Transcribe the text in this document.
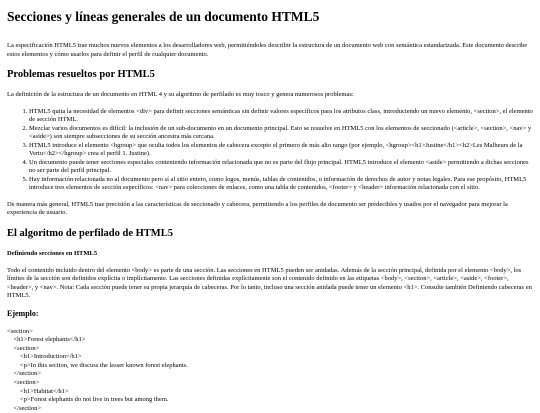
Secciones y líneas generales de un documento HTML5

La especificación HTML5 trae muchos nuevos elementos a los desarrolladores web, permitiéndoles describir la estructura de un documento web con semántica estandarizada. Este documento describe estos elementos y cómo usarlos para definir el perfil de cualquier documento.

Problemas resueltos por HTML5

La definición de la estructura de un documento en HTML 4 y su algoritmo de perfilado es muy tosco y genera numerosos problemas:

1. HTML5 quita la necesidad de elementos <div> para definir secciones semánticas sin definir valores específicos para los atributos class, introduciendo un nuevo elemento, <section>, el elemento de sección HTML.
2. Mezclar varios documentos es difícil: la inclusión de un sub-documento en un documento principal. Esto se resuelve en HTML5 con los elementos de seccionado (<article>, <section>, <nav> y <aside>) son siempre subsecciones de su sección ancestra más cercana.
3. HTML5 introduce el elemento <hgroup> que oculta todos los elementos de cabecera excepto el primero de más alto rango (por ejemplo, <hgroup><h1>Justine</h1><h2>Les Malheurs de la Vertu</h2></hgroup> crea el perfil 1. Justine).
4. Un documento puede tener secciones especiales conteniendo información relacionada que no es parte del flujo principal. HTML5 introduce el elemento <aside> permitiendo a dichas secciones no ser parte del perfil principal.
5. Hay información relacionada no al documento pero sí al sitio entero, como logos, menús, tablas de contenidos, o información de derechos de autor y notas legales. Para ese propósito, HTML5 introduce tres elementos de sección específicos: <nav> para colecciones de enlaces, como una tabla de contenidos, <footer> y <header> información relacionada con el sitio.

De manera más general, HTML5 trae precisión a las características de seccionado y cabecera, permitiendo a los perfiles de documento ser predecibles y usados por el navegador para mejorar la experiencia de usuario.

El algoritmo de perfilado de HTML5
Definiendo secciones en HTML5

Todo el contenido incluido dentro del elemento <body> es parte de una sección. Las secciones en HTML5 pueden ser anidadas. Además de la sección principal, definida por el elemento <body>, los límites de la sección son definidos explícita o implícitamente. Las secciones definidas explícitamente son el contenido definido en las etiquetas <body>, <section>, <article>, <aside>, <footer>, <header>, y <nav>. Nota: Cada sección puede tener su propia jerarquía de cabeceras. Por lo tanto, incluso una sección anidada puede tener un elemento <h1>. Consulte también Definiendo cabeceras en HTML5.

Ejemplo:
<section>
<h1>Forest elephants</h1>
<section>
<h1>Introduction</h1>
<p>In this section, we discuss the lesser known forest elephants.
</section>
<section>
<h1>Habitat</h1>
<p>Forest elephants do not live in trees but among them.
</section>
